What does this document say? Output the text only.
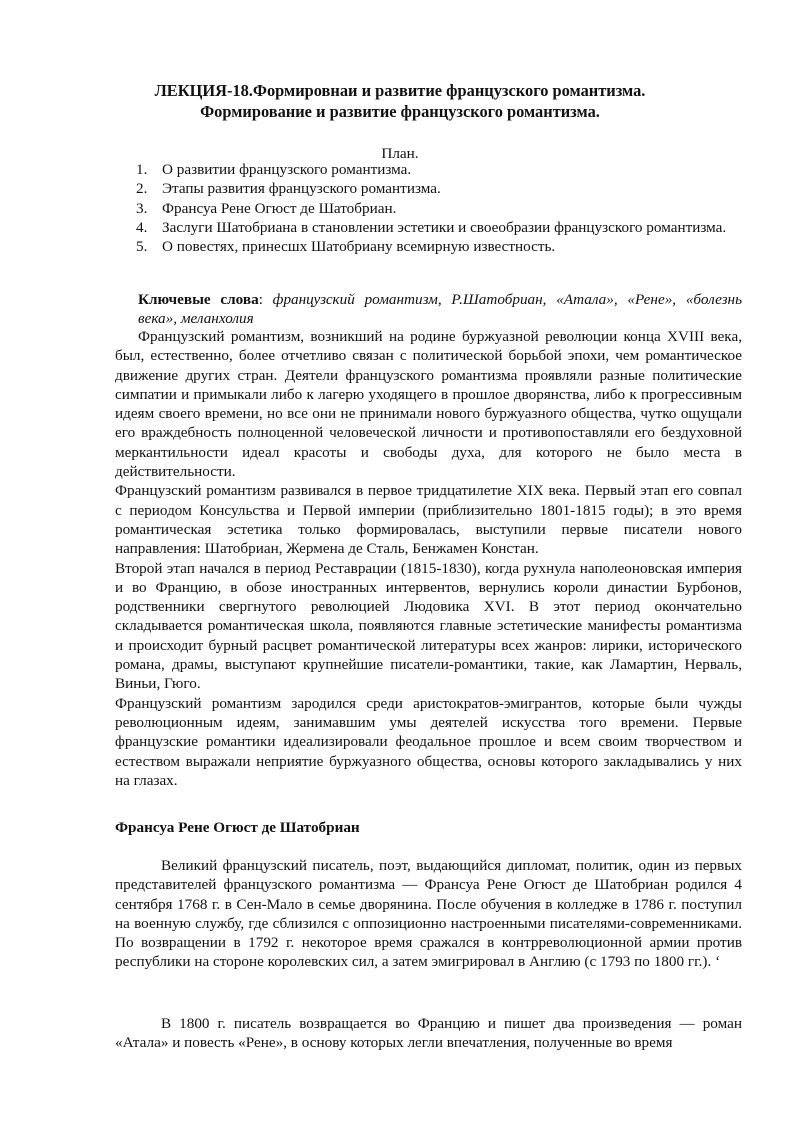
ЛЕКЦИЯ-18.Формировнаи и развитие французского романтизма.
Формирование и развитие французского романтизма.
План.
1. О развитии французского романтизма.
2. Этапы развития французского романтизма.
3. Франсуа Рене Огюст де Шатобриан.
4. Заслуги Шатобриана в становлении эстетики и своеобразии французского романтизма.
5. О повестях, принесшх Шатобриану всемирную известность.
Ключевые слова: французский романтизм, Р.Шатобриан, «Атала», «Рене», «болезнь века», меланхолия

Французский романтизм, возникший на родине буржуазной революции конца XVIII века, был, естественно, более отчетливо связан с политической борьбой эпохи, чем романтическое движение других стран. Деятели французского романтизма проявляли разные политические симпатии и примыкали либо к лагерю уходящего в прошлое дворянства, либо к прогрессивным идеям своего времени, но все они не принимали нового буржуазного общества, чутко ощущали его враждебность полноценной человеческой личности и противопоставляли его бездуховной меркантильности идеал красоты и свободы духа, для которого не было места в действительности.

Французский романтизм развивался в первое тридцатилетие XIX века. Первый этап его совпал с периодом Консульства и Первой империи (приблизительно 1801-1815 годы); в это время романтическая эстетика только формировалась, выступили первые писатели нового направления: Шатобриан, Жермена де Сталь, Бенжамен Констан.

Второй этап начался в период Реставрации (1815-1830), когда рухнула наполеоновская империя и во Францию, в обозе иностранных интервентов, вернулись короли династии Бурбонов, родственники свергнутого революцией Людовика XVI. В этот период окончательно складывается романтическая школа, появляются главные эстетические манифесты романтизма и происходит бурный расцвет романтической литературы всех жанров: лирики, исторического романа, драмы, выступают крупнейшие писатели-романтики, такие, как Ламартин, Нерваль, Виньи, Гюго.

Французский романтизм зародился среди аристократов-эмигрантов, которые были чужды революционным идеям, занимавшим умы деятелей искусства того времени. Первые французские романтики идеализировали феодальное прошлое и всем своим творчеством и естеством выражали неприятие буржуазного общества, основы которого закладывались у них на глазах.

Франсуа Рене Огюст де Шатобриан

Великий французский писатель, поэт, выдающийся дипломат, политик, один из первых представителей французского романтизма — Франсуа Рене Огюст де Шатобриан родился 4 сентября 1768 г. в Сен-Мало в семье дворянина. После обучения в колледже в 1786 г. поступил на военную службу, где сблизился с оппозиционно настроенными писателями-современниками. По возвращении в 1792 г. некоторое время сражался в контрреволюционной армии против республики на стороне королевских сил, а затем эмигрировал в Англию (с 1793 по 1800 гг.). ‘

В 1800 г. писатель возвращается во Францию и пишет два произведения — роман «Атала» и повесть «Рене», в основу которых легли впечатления, полученные во время
